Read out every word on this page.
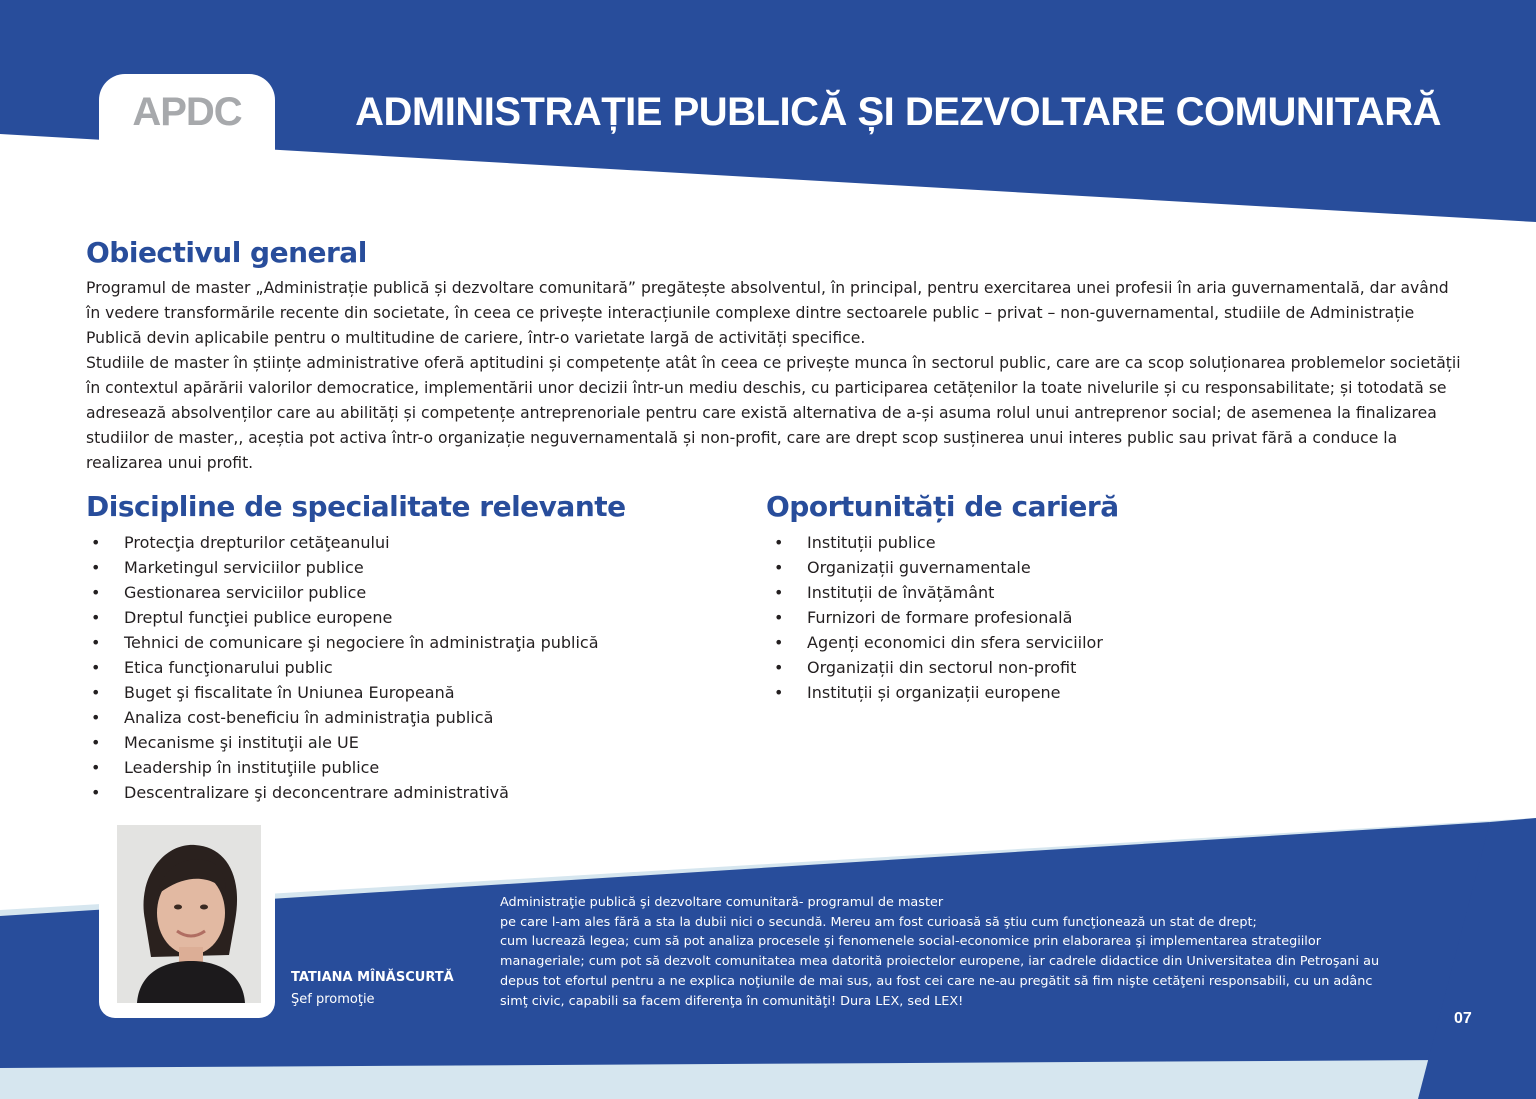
APDC	ADMINISTRAȚIE PUBLICĂ ȘI DEZVOLTARE COMUNITARĂ
Obiectivul general

Programul de master „Administrație publică și dezvoltare comunitară” pregătește absolventul, în principal, pentru exercitarea unei profesii în aria guvernamentală, dar având în vedere transformările recente din societate, în ceea ce privește interacțiunile complexe dintre sectoarele public – privat – non-guvernamental, studiile de Administrație Publică devin aplicabile pentru o multitudine de cariere, într-o varietate largă de activități specifice.

Studiile de master în științe administrative oferă aptitudini și competențe atât în ceea ce privește munca în sectorul public, care are ca scop soluționarea problemelor societății în contextul apărării valorilor democratice, implementării unor decizii într-un mediu deschis, cu participarea cetățenilor la toate nivelurile și cu responsabilitate; și totodată se adresează absolvenților care au abilități și competențe antreprenoriale pentru care există alternativa de a-și asuma rolul unui antreprenor social; de asemenea la finalizarea studiilor de master,, aceștia pot activa într-o organizație neguvernamentală și non-profit, care are drept scop susținerea unui interes public sau privat fără a conduce la realizarea unui profit.

Discipline de specialitate relevante
• Protecţia drepturilor cetăţeanului
• Marketingul serviciilor publice
• Gestionarea serviciilor publice
• Dreptul funcţiei publice europene
• Tehnici de comunicare şi negociere în administraţia publică
• Etica funcţionarului public
• Buget şi fiscalitate în Uniunea Europeană
• Analiza cost-beneficiu în administraţia publică
• Mecanisme şi instituţii ale UE
• Leadership în instituţiile publice
• Descentralizare şi deconcentrare administrativă
Oportunități de carieră
• Instituții publice
• Organizații guvernamentale
• Instituții de învățământ
• Furnizori de formare profesională
• Agenți economici din sfera serviciilor
• Organizații din sectorul non-profit
• Instituții și organizații europene
TATIANA MÎNĂSCURTĂ
Şef promoţie
Administraţie publică şi dezvoltare comunitară- programul de master
pe care l-am ales fără a sta la dubii nici o secundă. Mereu am fost curioasă să ştiu cum funcţionează un stat de drept;
cum lucrează legea; cum să pot analiza procesele şi fenomenele social-economice prin elaborarea şi implementarea strategiilor
manageriale; cum pot să dezvolt comunitatea mea datorită proiectelor europene, iar cadrele didactice din Universitatea din Petroşani au
depus tot efortul pentru a ne explica noţiunile de mai sus, au fost cei care ne-au pregătit să fim nişte cetăţeni responsabili, cu un adânc
simţ civic, capabili sa facem diferenţa în comunităţi! Dura LEX, sed LEX!
07
